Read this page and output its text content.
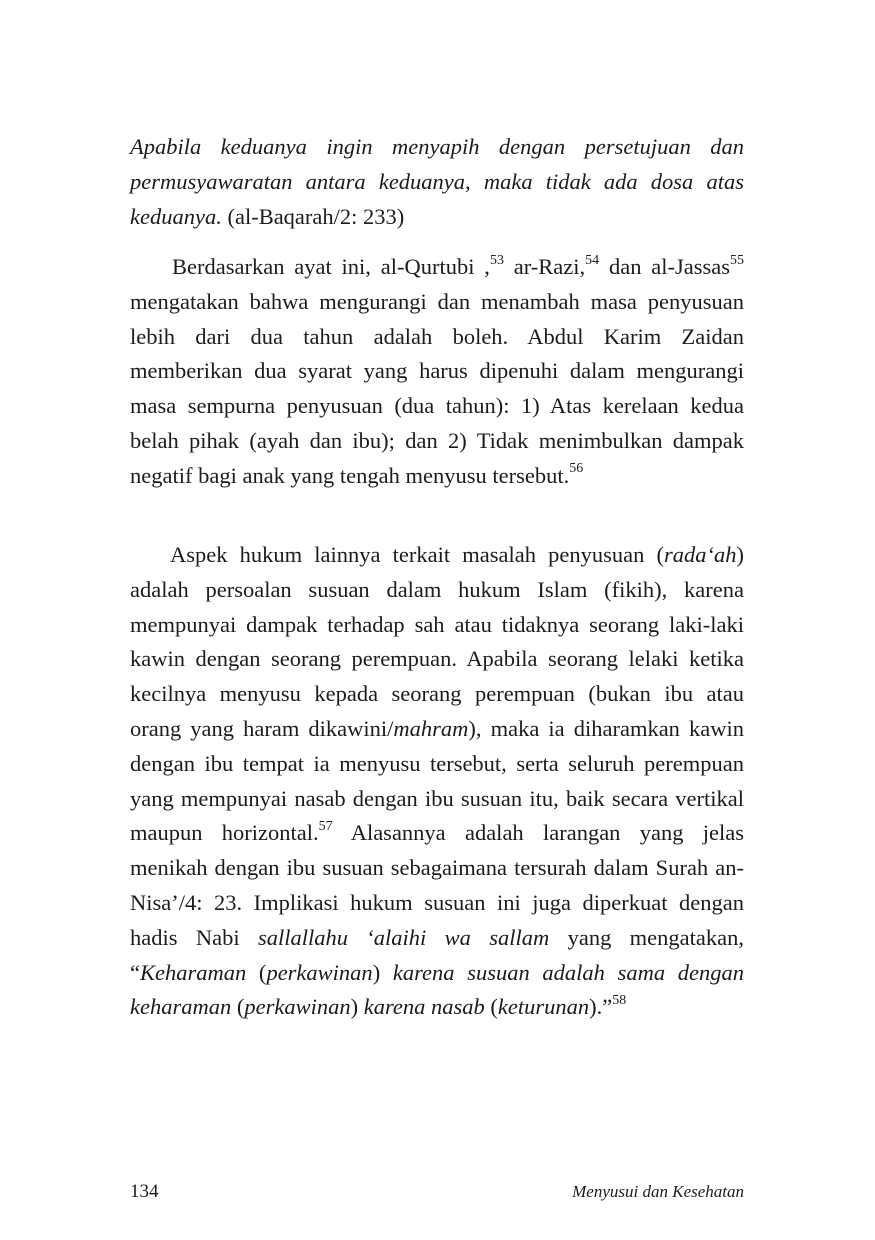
Apabila keduanya ingin menyapih dengan persetujuan dan permusyawaratan antara keduanya, maka tidak ada dosa atas keduanya. (al-Baqarah/2: 233)

Berdasarkan ayat ini, al-Qurtubi ,$^{53}$ ar-Razi,$^{54}$ dan al-Jassas$^{55}$ mengatakan bahwa mengurangi dan menambah masa penyusuan lebih dari dua tahun adalah boleh. Abdul Karim Zaidan memberikan dua syarat yang harus dipenuhi dalam mengurangi masa sempurna penyusuan (dua tahun): 1) Atas kerelaan kedua belah pihak (ayah dan ibu); dan 2) Tidak menimbulkan dampak negatif bagi anak yang tengah menyusu tersebut.$^{56}$

Aspek hukum lainnya terkait masalah penyusuan (rada‘ah) adalah persoalan susuan dalam hukum Islam (fikih), karena mempunyai dampak terhadap sah atau tidaknya seorang laki-laki kawin dengan seorang perempuan. Apabila seorang lelaki ketika kecilnya menyusu kepada seorang perempuan (bukan ibu atau orang yang haram dikawini/mahram), maka ia diharamkan kawin dengan ibu tempat ia menyusu tersebut, serta seluruh perempuan yang mempunyai nasab dengan ibu susuan itu, baik secara vertikal maupun horizontal.$^{57}$ Alasannya adalah larangan yang jelas menikah dengan ibu susuan sebagaimana tersurah dalam Surah an-Nisa’/4: 23. Implikasi hukum susuan ini juga diperkuat dengan hadis Nabi sallallahu ‘alaihi wa sallam yang mengatakan, “Keharaman (perkawinan) karena susuan adalah sama dengan keharaman (perkawinan) karena nasab (keturunan).”$^{58}$

134	Menyusui dan Kesehatan
